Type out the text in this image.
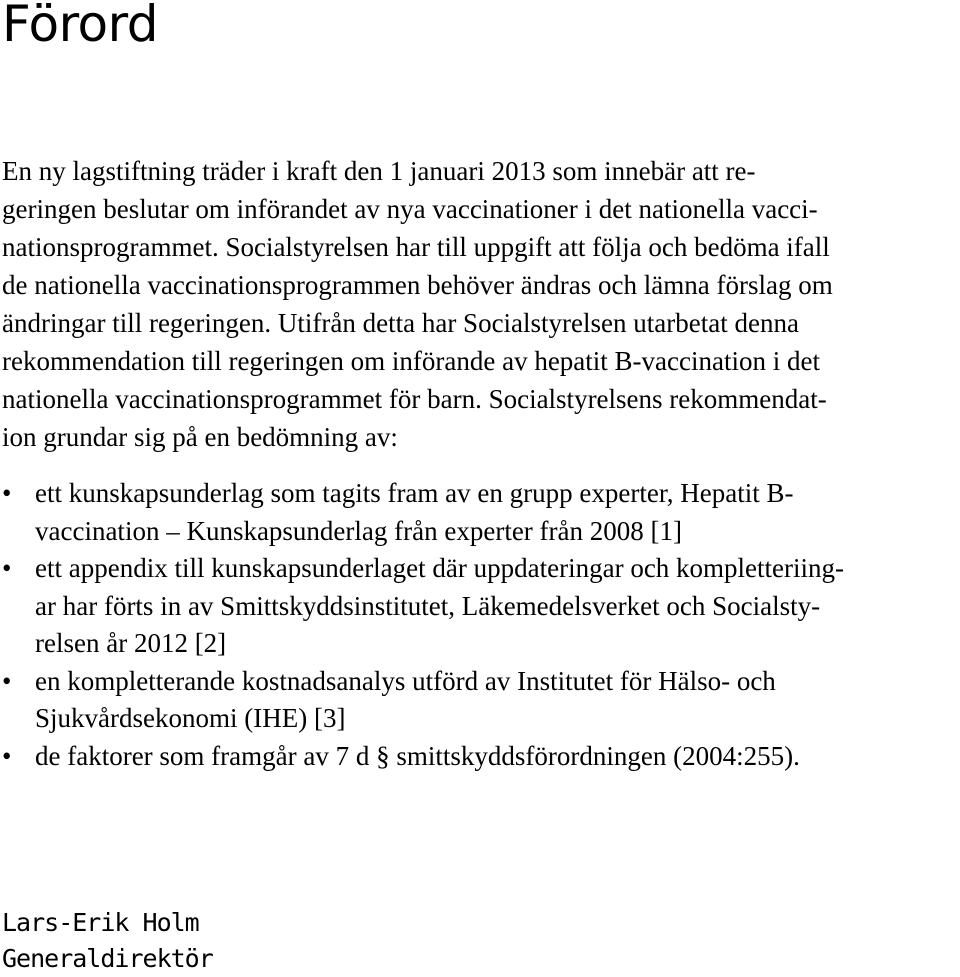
Förord

En ny lagstiftning träder i kraft den 1 januari 2013 som innebär att re-
geringen beslutar om införandet av nya vaccinationer i det nationella vacci-
nationsprogrammet. Socialstyrelsen har till uppgift att följa och bedöma ifall
de nationella vaccinationsprogrammen behöver ändras och lämna förslag om
ändringar till regeringen. Utifrån detta har Socialstyrelsen utarbetat denna
rekommendation till regeringen om införande av hepatit B-vaccination i det
nationella vaccinationsprogrammet för barn. Socialstyrelsens rekommendat-
ion grundar sig på en bedömning av:

• ett kunskapsunderlag som tagits fram av en grupp experter, Hepatit B-
vaccination – Kunskapsunderlag från experter från 2008 [1]
• ett appendix till kunskapsunderlaget där uppdateringar och kompletteriing-
ar har förts in av Smittskyddsinstitutet, Läkemedelsverket och Socialsty-
relsen år 2012 [2]
• en kompletterande kostnadsanalys utförd av Institutet för Hälso- och
Sjukvårdsekonomi (IHE) [3]
• de faktorer som framgår av 7 d § smittskyddsförordningen (2004:255).
Lars-Erik Holm
Generaldirektör
